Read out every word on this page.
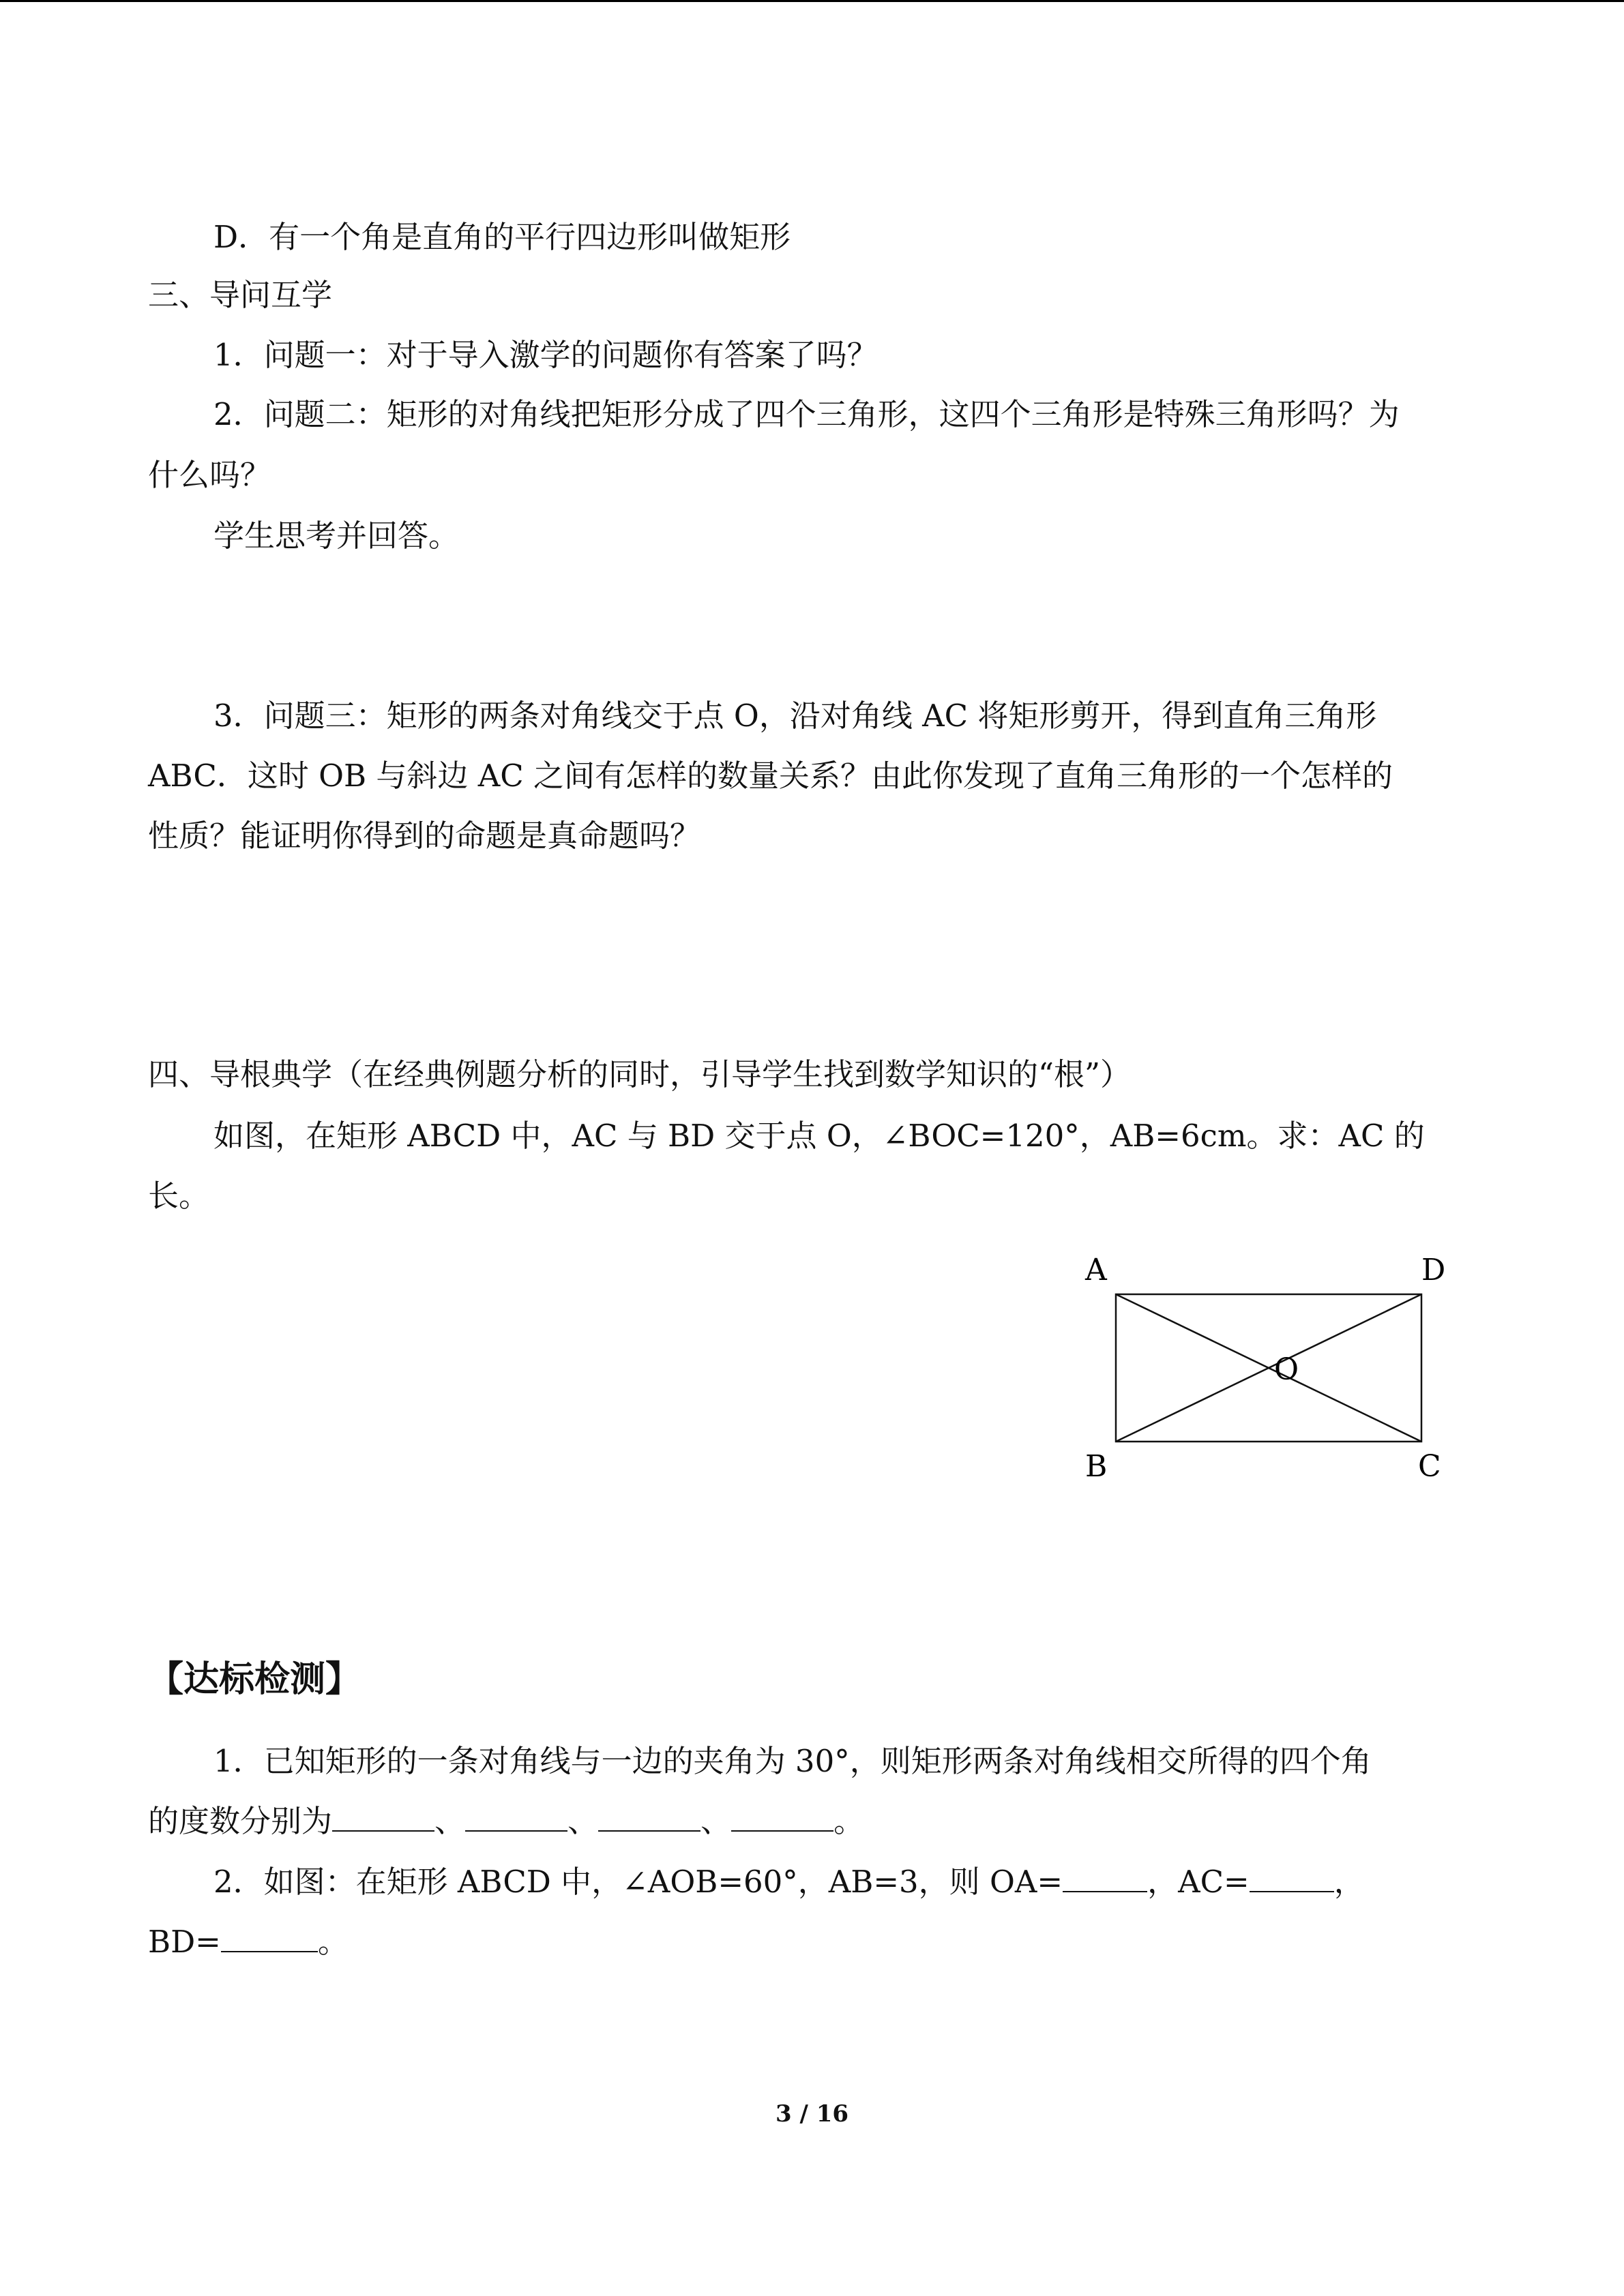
D．有一个角是直角的平行四边形叫做矩形

三、导问互学

1．问题一：对于导入激学的问题你有答案了吗？

2．问题二：矩形的对角线把矩形分成了四个三角形，这四个三角形是特殊三角形吗？为

什么吗？

学生思考并回答。

3．问题三：矩形的两条对角线交于点 O，沿对角线 AC 将矩形剪开，得到直角三角形

ABC．这时 OB 与斜边 AC 之间有怎样的数量关系？由此你发现了直角三角形的一个怎样的

性质？能证明你得到的命题是真命题吗？

四、导根典学（在经典例题分析的同时，引导学生找到数学知识的“根”）

如图，在矩形 ABCD 中，AC 与 BD 交于点 O，∠BOC=120°，AB=6cm。求：AC 的

长。

A	D
B	C
O
【达标检测】

1．已知矩形的一条对角线与一边的夹角为 30°，则矩形两条对角线相交所得的四个角

的度数分别为	、	、	、	。

2．如图：在矩形 ABCD 中，∠AOB=60°，AB=3，则 OA=	，AC=	，

BD=	。

3 / 16
